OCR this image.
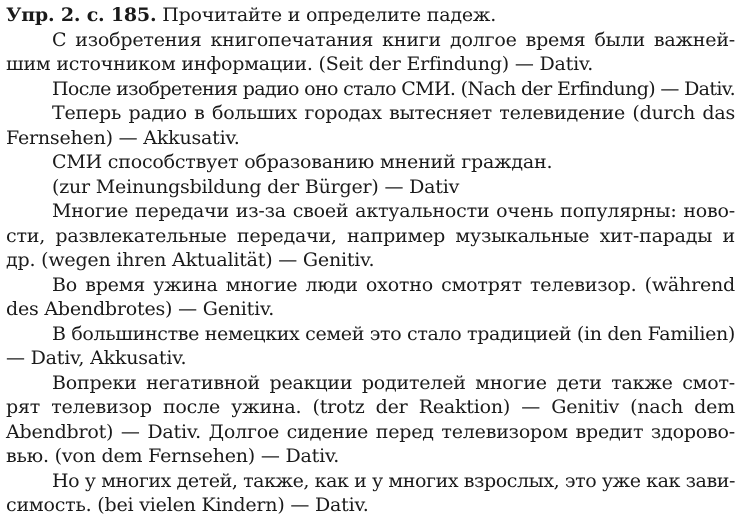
Упр. 2. с. 185. Прочитайте и определите падеж.
С изобретения книгопечатания книги долгое время были важней-
шим источником информации. (Seit der Erfindung) — Dativ.
После изобретения радио оно стало СМИ. (Nach der Erfindung) — Dativ.
Теперь радио в больших городах вытесняет телевидение (durch das
Fernsehen) — Akkusativ.
СМИ способствует образованию мнений граждан.
(zur Meinungsbildung der Bürger) — Dativ
Многие передачи из-за своей актуальности очень популярны: ново-
сти, развлекательные передачи, например музыкальные хит-парады и
др. (wegen ihren Aktualität) — Genitiv.
Во время ужина многие люди охотно смотрят телевизор. (während
des Abendbrotes) — Genitiv.
В большинстве немецких семей это стало традицией (in den Familien)
— Dativ, Akkusativ.
Вопреки негативной реакции родителей многие дети также смот-
рят телевизор после ужина. (trotz der Reaktion) — Genitiv (nach dem
Abendbrot) — Dativ. Долгое сидение перед телевизором вредит здорово-
вью. (von dem Fernsehen) — Dativ.
Но у многих детей, также, как и у многих взрослых, это уже как зави-
симость. (bei vielen Kindern) — Dativ.
